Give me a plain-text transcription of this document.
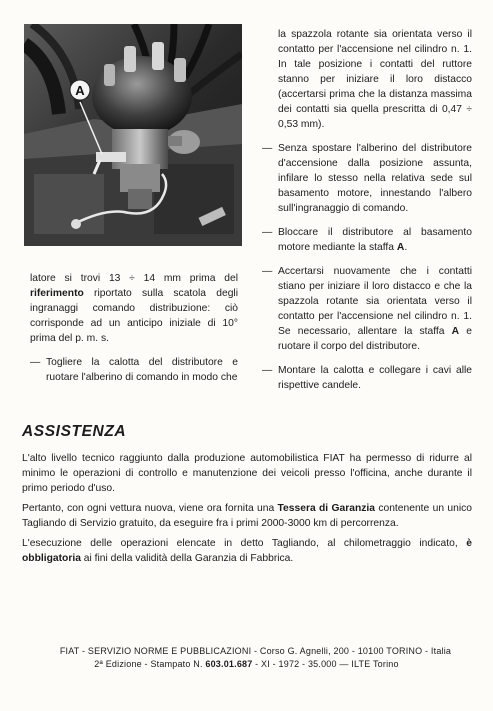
A

latore si trovi 13 ÷ 14 mm prima del riferimento riportato sulla scatola degli ingranaggi comando distribuzione: ciò corrisponde ad un anticipo iniziale di 10° prima del p. m. s.

— Togliere la calotta del distributore e ruotare l'alberino di comando in modo che

la spazzola rotante sia orientata verso il contatto per l'accensione nel cilindro n. 1. In tale posizione i contatti del ruttore stanno per iniziare il loro distacco (accertarsi prima che la distanza massima dei contatti sia quella prescritta di 0,47 ÷ 0,53 mm).

— Senza spostare l'alberino del distributore d'accensione dalla posizione assunta, infilare lo stesso nella relativa sede sul basamento motore, innestando l'albero sull'ingranaggio di comando.
— Bloccare il distributore al basamento motore mediante la staffa A.
— Accertarsi nuovamente che i contatti stiano per iniziare il loro distacco e che la spazzola rotante sia orientata verso il contatto per l'accensione nel cilindro n. 1. Se necessario, allentare la staffa A e ruotare il corpo del distributore.
— Montare la calotta e collegare i cavi alle rispettive candele.
ASSISTENZA

L'alto livello tecnico raggiunto dalla produzione automobilistica FIAT ha permesso di ridurre al minimo le operazioni di controllo e manutenzione dei veicoli presso l'officina, anche durante il primo periodo d'uso.

Pertanto, con ogni vettura nuova, viene ora fornita una Tessera di Garanzia contenente un unico Tagliando di Servizio gratuito, da eseguire fra i primi 2000-3000 km di percorrenza.

L'esecuzione delle operazioni elencate in detto Tagliando, al chilometraggio indicato, è obbligatoria ai fini della validità della Garanzia di Fabbrica.

FIAT - SERVIZIO NORME E PUBBLICAZIONI - Corso G. Agnelli, 200 - 10100 TORINO - Italia
2ª Edizione - Stampato N. 603.01.687 - XI - 1972 - 35.000 — ILTE Torino
